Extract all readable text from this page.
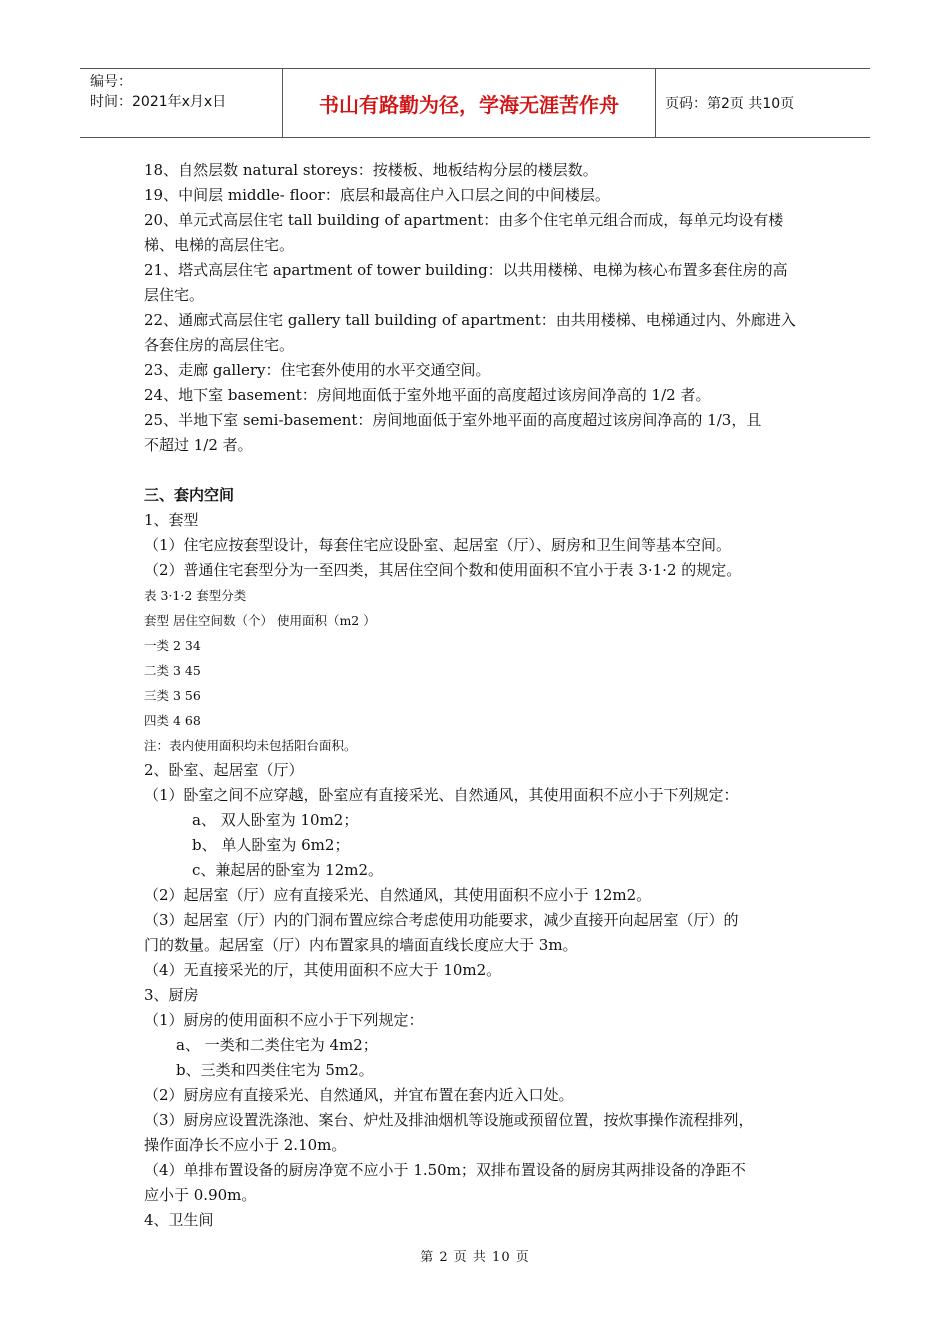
编号：
时间：2021年x月x日	书山有路勤为径，学海无涯苦作舟	页码：第2页 共10页
18、自然层数 natural storeys：按楼板、地板结构分层的楼层数。
19、中间层 middle- floor：底层和最高住户入口层之间的中间楼层。
20、单元式高层住宅 tall building of apartment：由多个住宅单元组合而成，每单元均设有楼
梯、电梯的高层住宅。
21、塔式高层住宅 apartment of tower building：以共用楼梯、电梯为核心布置多套住房的高
层住宅。
22、通廊式高层住宅 gallery tall building of apartment：由共用楼梯、电梯通过内、外廊进入
各套住房的高层住宅。
23、走廊 gallery：住宅套外使用的水平交通空间。
24、地下室 basement：房间地面低于室外地平面的高度超过该房间净高的 1/2 者。
25、半地下室 semi-basement：房间地面低于室外地平面的高度超过该房间净高的 1/3，且
不超过 1/2 者。
三、套内空间
1、套型
（1）住宅应按套型设计，每套住宅应设卧室、起居室（厅）、厨房和卫生间等基本空间。
（2）普通住宅套型分为一至四类，其居住空间个数和使用面积不宜小于表 3·1·2 的规定。
表 3·1·2 套型分类
套型 居住空间数（个） 使用面积（m2 ）
一类 2 34
二类 3 45
三类 3 56
四类 4 68
注：表内使用面积均未包括阳台面积。
2、卧室、起居室（厅）
（1）卧室之间不应穿越，卧室应有直接采光、自然通风，其使用面积不应小于下列规定：
a、 双人卧室为 10m2；
b、 单人卧室为 6m2；
c、兼起居的卧室为 12m2。
（2）起居室（厅）应有直接采光、自然通风，其使用面积不应小于 12m2。
（3）起居室（厅）内的门洞布置应综合考虑使用功能要求，减少直接开向起居室（厅）的
门的数量。起居室（厅）内布置家具的墙面直线长度应大于 3m。
（4）无直接采光的厅，其使用面积不应大于 10m2。
3、厨房
（1）厨房的使用面积不应小于下列规定：
a、 一类和二类住宅为 4m2；
b、三类和四类住宅为 5m2。
（2）厨房应有直接采光、自然通风，并宜布置在套内近入口处。
（3）厨房应设置洗涤池、案台、炉灶及排油烟机等设施或预留位置，按炊事操作流程排列，
操作面净长不应小于 2.10m。
（4）单排布置设备的厨房净宽不应小于 1.50m；双排布置设备的厨房其两排设备的净距不
应小于 0.90m。
4、卫生间
第 2 页 共 10 页
